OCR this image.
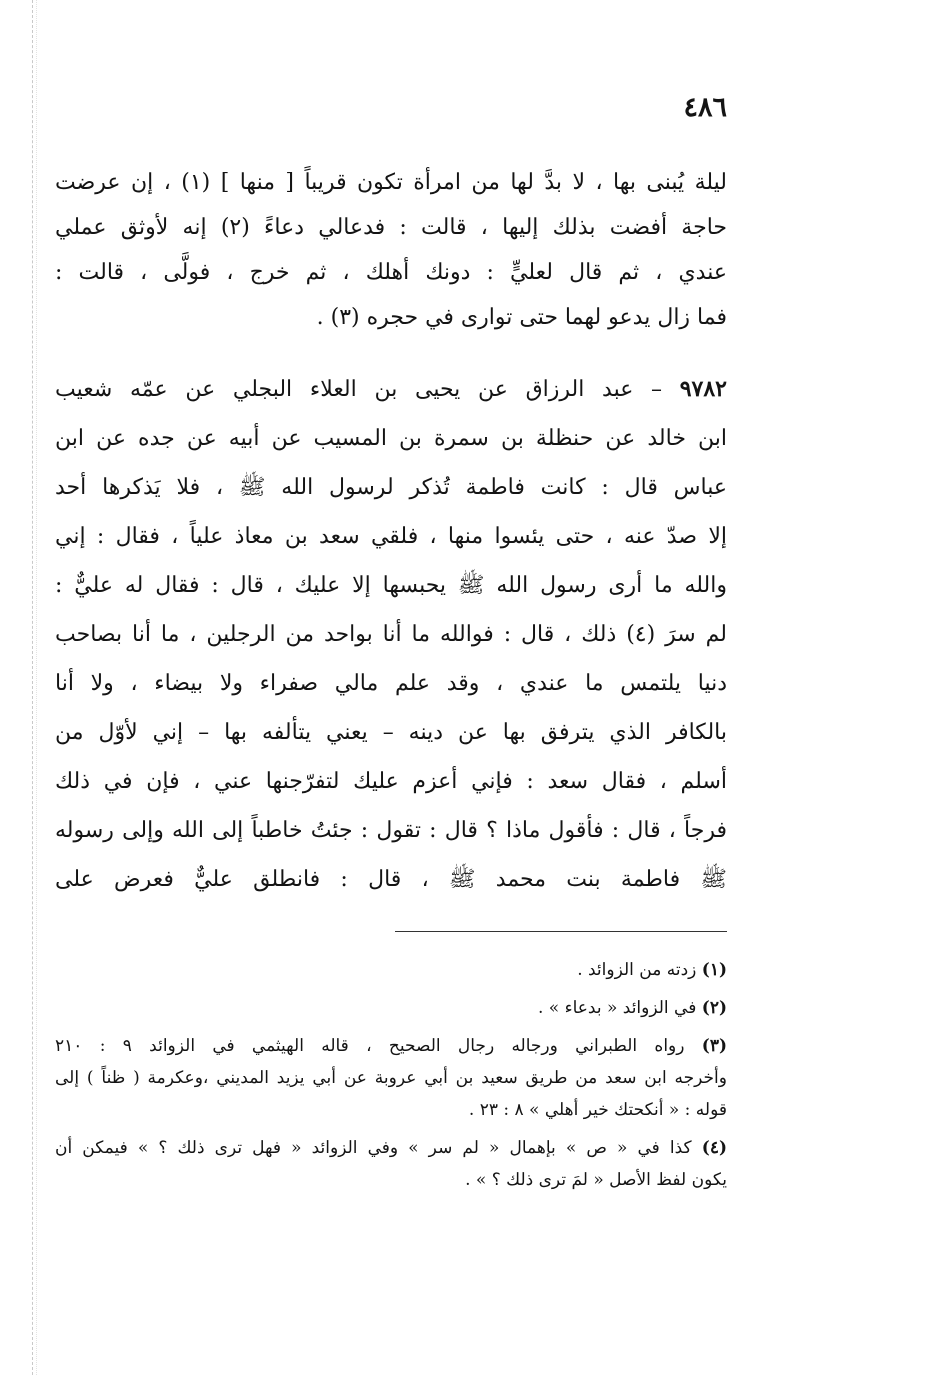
٤٨٦
ليلة يُبنى بها ، لا بدَّ لها من امرأة تكون قريباً [ منها ] (١) ، إن عرضت
حاجة أفضت بذلك إليها ، قالت : فدعالي دعاءً (٢) إنه لأوثق عملي
عندي ، ثم قال لعليٍّ : دونك أهلك ، ثم خرج ، فولَّى ، قالت :
فما زال يدعو لهما حتى توارى في حجره (٣) .
٩٧٨٢ – عبد الرزاق عن يحيى بن العلاء البجلي عن عمّه شعيب
ابن خالد عن حنظلة بن سمرة بن المسيب عن أبيه عن جده عن ابن
عباس قال : كانت فاطمة تُذكر لرسول الله ﷺ ، فلا يَذكرها أحد
إلا صدّ عنه ، حتى يئسوا منها ، فلقي سعد بن معاذ علياً ، فقال : إني
والله ما أرى رسول الله ﷺ يحبسها إلا عليك ، قال : فقال له عليٌّ :
لم سرَ (٤) ذلك ، قال : فوالله ما أنا بواحد من الرجلين ، ما أنا بصاحب
دنيا يلتمس ما عندي ، وقد علم مالي صفراء ولا بيضاء ، ولا أنا
بالكافر الذي يترفق بها عن دينه – يعني يتألفه بها – إني لأوّل من
أسلم ، فقال سعد : فإني أعزم عليك لتفرّجنها عني ، فإن في ذلك
فرجاً ، قال : فأقول ماذا ؟ قال : تقول : جئتُ خاطباً إلى الله وإلى رسوله
ﷺ فاطمة بنت محمد ﷺ ، قال : فانطلق عليٌّ فعرض على
(١) زدته من الزوائد .
(٢) في الزوائد « بدعاء » .
(٣) رواه الطبراني ورجاله رجال الصحيح ، قاله الهيثمي في الزوائد ٩ : ٢١٠
وأخرجه ابن سعد من طريق سعيد بن أبي عروبة عن أبي يزيد المديني ،وعكرمة ( ظناً ) إلى
قوله : « أنكحتك خير أهلي » ٨ : ٢٣ .
(٤) كذا في « ص » بإهمال « لم سر » وفي الزوائد « فهل ترى ذلك ؟ » فيمكن أن
يكون لفظ الأصل « لمَ ترى ذلك ؟ » .
